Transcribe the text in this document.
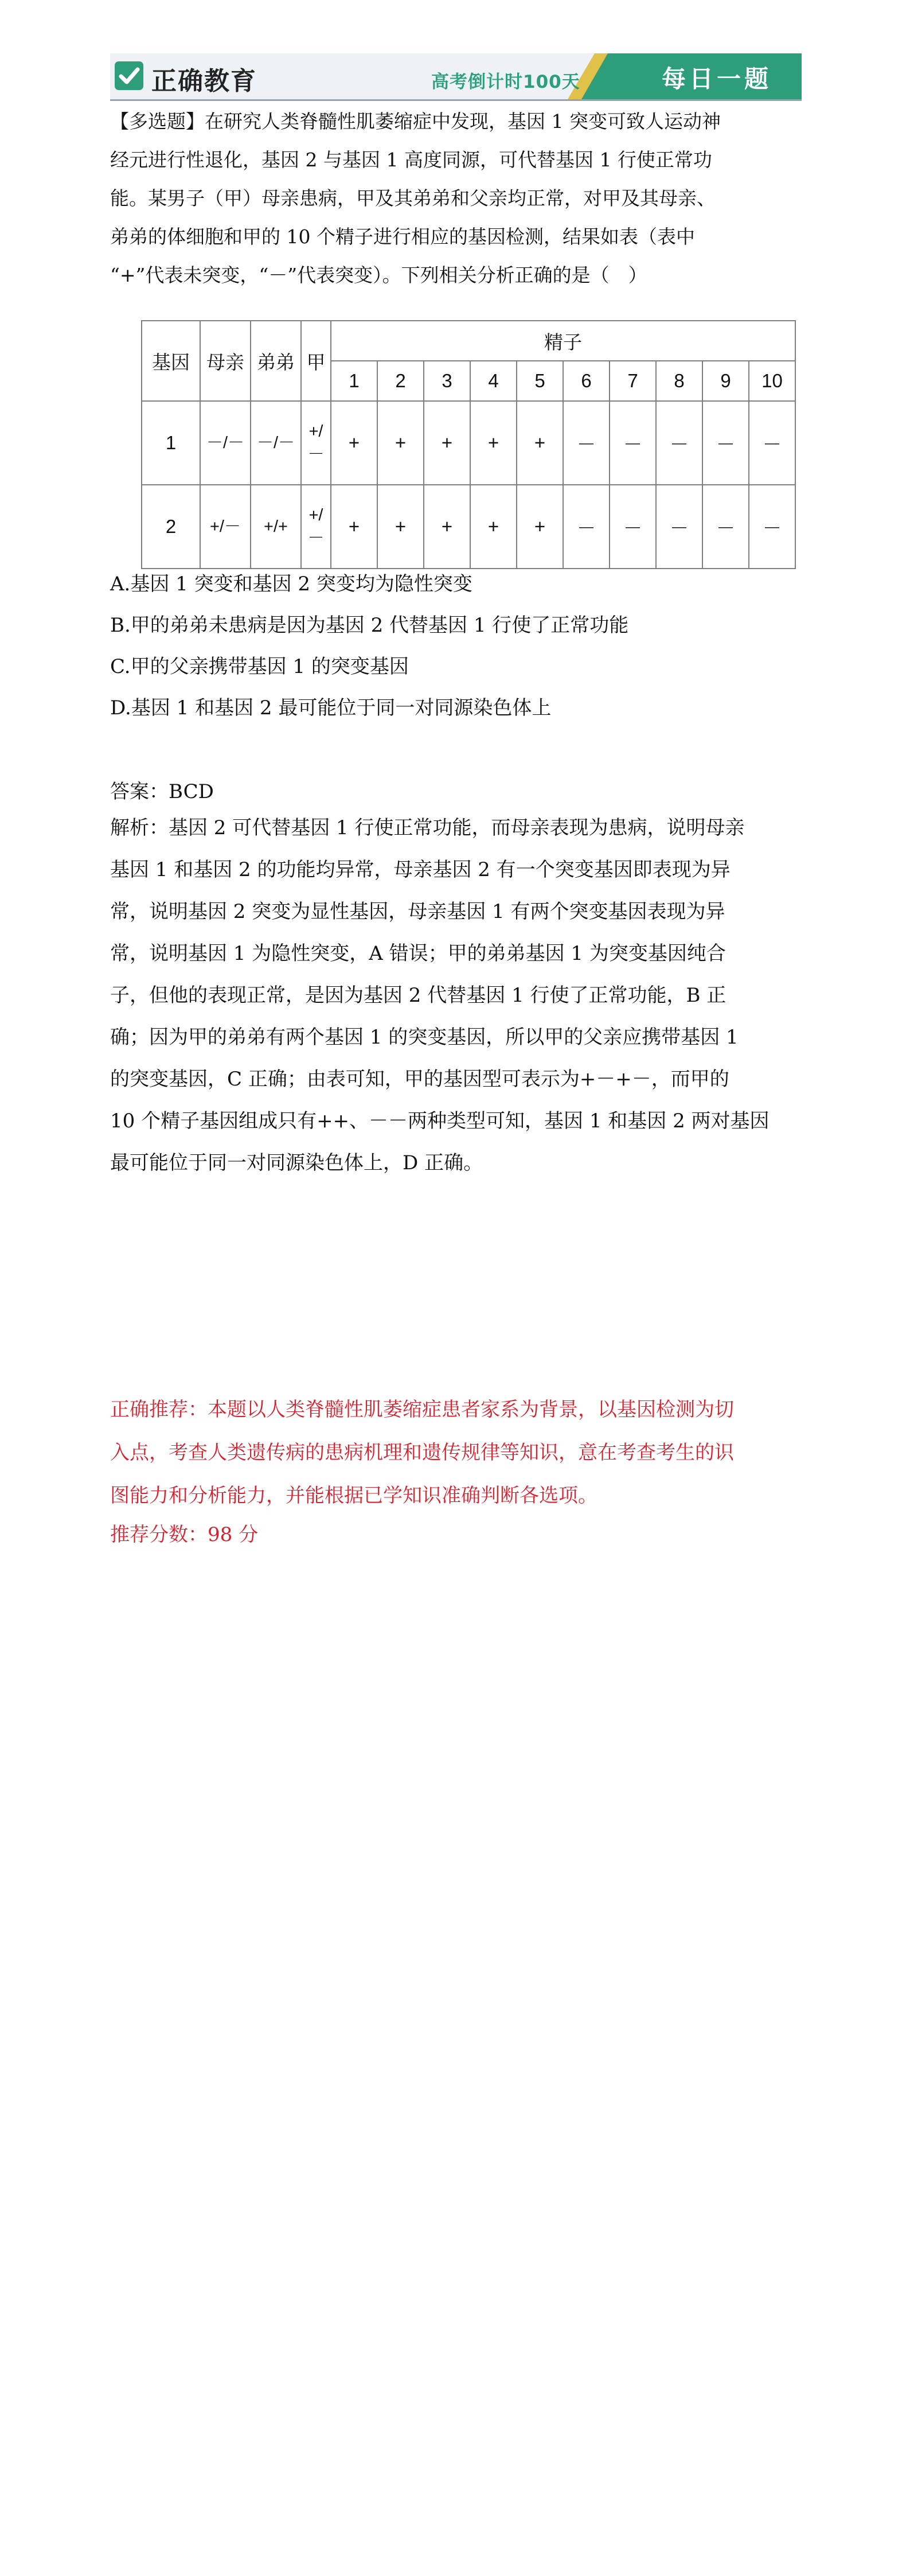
正确教育	高考倒计时100天	每日一题
【多选题】在研究人类脊髓性肌萎缩症中发现，基因 1 突变可致人运动神
经元进行性退化，基因 2 与基因 1 高度同源，可代替基因 1 行使正常功
能。某男子（甲）母亲患病，甲及其弟弟和父亲均正常，对甲及其母亲、
弟弟的体细胞和甲的 10 个精子进行相应的基因检测，结果如表（表中
“+”代表未突变，“－”代表突变）。下列相关分析正确的是（　）
基因	母亲	弟弟	甲	精子									
				1	2	3	4	5	6	7	8	9	10
1	－/－	－/－	+/－	+	+	+	+	+	－	－	－	－	－
2	+/－	+/+	+/－	+	+	+	+	+	－	－	－	－	－
A.基因 1 突变和基因 2 突变均为隐性突变
B.甲的弟弟未患病是因为基因 2 代替基因 1 行使了正常功能
C.甲的父亲携带基因 1 的突变基因
D.基因 1 和基因 2 最可能位于同一对同源染色体上
答案：BCD
解析：基因 2 可代替基因 1 行使正常功能，而母亲表现为患病，说明母亲
基因 1 和基因 2 的功能均异常，母亲基因 2 有一个突变基因即表现为异
常，说明基因 2 突变为显性基因，母亲基因 1 有两个突变基因表现为异
常，说明基因 1 为隐性突变，A 错误；甲的弟弟基因 1 为突变基因纯合
子，但他的表现正常，是因为基因 2 代替基因 1 行使了正常功能，B 正
确；因为甲的弟弟有两个基因 1 的突变基因，所以甲的父亲应携带基因 1
的突变基因，C 正确；由表可知，甲的基因型可表示为+－+－，而甲的
10 个精子基因组成只有++、－－两种类型可知，基因 1 和基因 2 两对基因
最可能位于同一对同源染色体上，D 正确。
正确推荐：本题以人类脊髓性肌萎缩症患者家系为背景，以基因检测为切
入点，考查人类遗传病的患病机理和遗传规律等知识，意在考查考生的识
图能力和分析能力，并能根据已学知识准确判断各选项。
推荐分数：98 分
